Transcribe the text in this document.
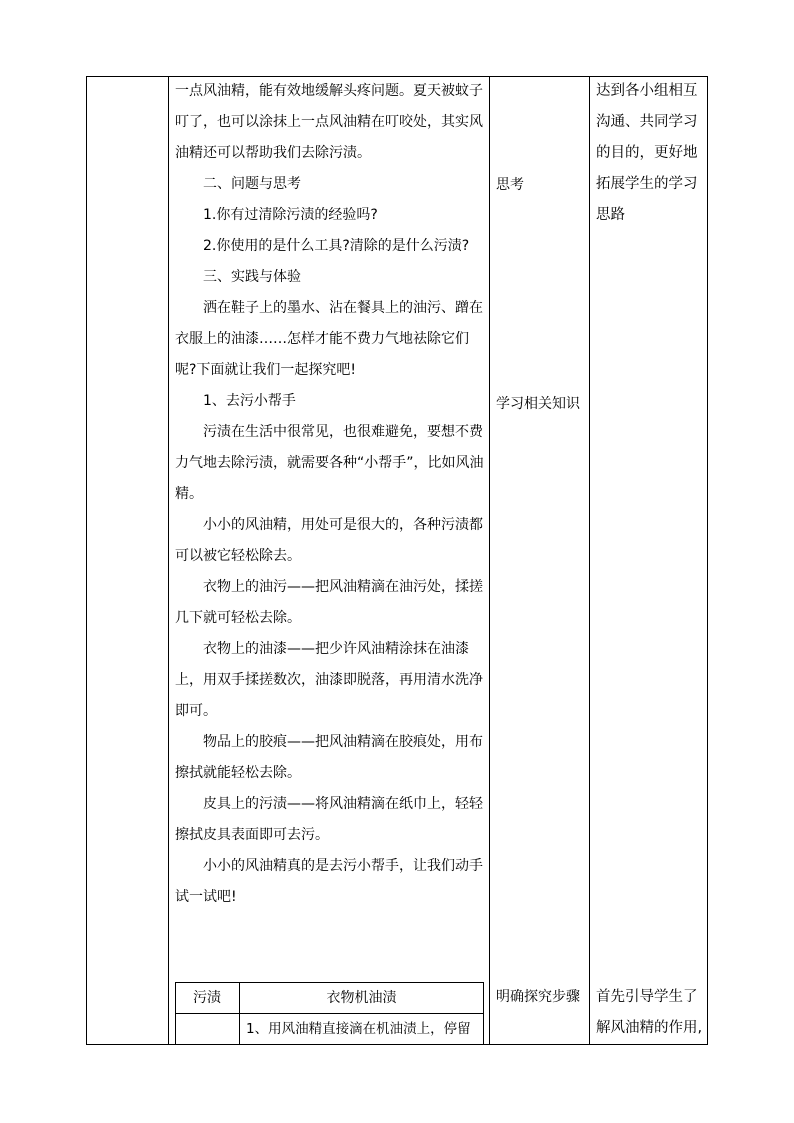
一点风油精，能有效地缓解头疼问题。夏天被蚊子

叮了，也可以涂抹上一点风油精在叮咬处，其实风

油精还可以帮助我们去除污渍。

二、问题与思考

1.你有过清除污渍的经验吗?

2.你使用的是什么工具?清除的是什么污渍?

三、实践与体验

洒在鞋子上的墨水、沾在餐具上的油污、蹭在衣服上的油漆……怎样才能不费力气地祛除它们呢?下面就让我们一起探究吧!

1、去污小帮手

污渍在生活中很常见，也很难避免，要想不费力气地去除污渍，就需要各种“小帮手”，比如风油精。

小小的风油精，用处可是很大的，各种污渍都可以被它轻松除去。

衣物上的油污——把风油精滴在油污处，揉搓几下就可轻松去除。

衣物上的油漆——把少许风油精涂抹在油漆上，用双手揉搓数次，油漆即脱落，再用清水洗净即可。

物品上的胶痕——把风油精滴在胶痕处，用布擦拭就能轻松去除。

皮具上的污渍——将风油精滴在纸巾上，轻轻擦拭皮具表面即可去污。

小小的风油精真的是去污小帮手，让我们动手试一试吧!

思考
学习相关知识
明确探究步骤
达到各小组相互沟通、共同学习的目的，更好地拓展学生的学习思路
首先引导学生了解风油精的作用,
污渍	衣物机油渍
1、用风油精直接滴在机油渍上，停留
